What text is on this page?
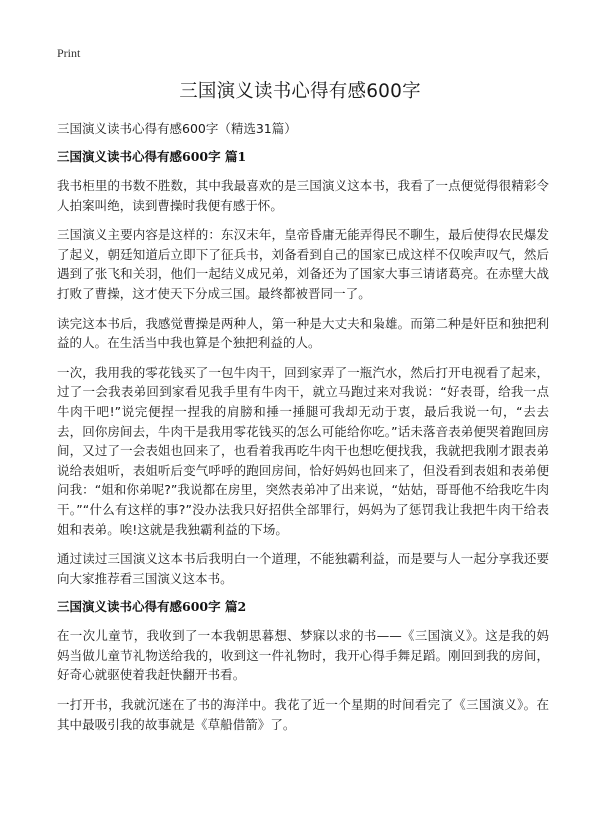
Print
三国演义读书心得有感600字
三国演义读书心得有感600字（精选31篇）
三国演义读书心得有感600字 篇1

我书柜里的书数不胜数，其中我最喜欢的是三国演义这本书，我看了一点便觉得很精彩令人拍案叫绝，读到曹操时我便有感于怀。

三国演义主要内容是这样的：东汉末年，皇帝昏庸无能弄得民不聊生，最后使得农民爆发了起义，朝廷知道后立即下了征兵书，刘备看到自己的国家已成这样不仅唉声叹气，然后遇到了张飞和关羽，他们一起结义成兄弟，刘备还为了国家大事三请诸葛亮。在赤壁大战打败了曹操，这才使天下分成三国。最终都被晋同一了。

读完这本书后，我感觉曹操是两种人，第一种是大丈夫和枭雄。而第二种是奸臣和独把利益的人。在生活当中我也算是个独把利益的人。

一次，我用我的零花钱买了一包牛肉干，回到家弄了一瓶汽水，然后打开电视看了起来，过了一会我表弟回到家看见我手里有牛肉干，就立马跑过来对我说：“好表哥，给我一点牛肉干吧!”说完便捏一捏我的肩膀和捶一捶腿可我却无动于衷，最后我说一句，“去去去，回你房间去，牛肉干是我用零花钱买的怎么可能给你吃。”话未落音表弟便哭着跑回房间，又过了一会表姐也回来了，也看着我再吃牛肉干也想吃便找我，我就把我刚才跟表弟说给表姐听，表姐听后变气呼呼的跑回房间，恰好妈妈也回来了，但没看到表姐和表弟便问我：“姐和你弟呢?”我说都在房里，突然表弟冲了出来说，“姑姑，哥哥他不给我吃牛肉干。”“什么有这样的事?”没办法我只好招供全部罪行，妈妈为了惩罚我让我把牛肉干给表姐和表弟。唉!这就是我独霸利益的下场。

通过读过三国演义这本书后我明白一个道理，不能独霸利益，而是要与人一起分享我还要向大家推荐看三国演义这本书。

三国演义读书心得有感600字 篇2

在一次儿童节，我收到了一本我朝思暮想、梦寐以求的书——《三国演义》。这是我的妈妈当做儿童节礼物送给我的，收到这一件礼物时，我开心得手舞足蹈。刚回到我的房间，好奇心就驱使着我赶快翻开书看。

一打开书，我就沉迷在了书的海洋中。我花了近一个星期的时间看完了《三国演义》。在其中最吸引我的故事就是《草船借箭》了。
